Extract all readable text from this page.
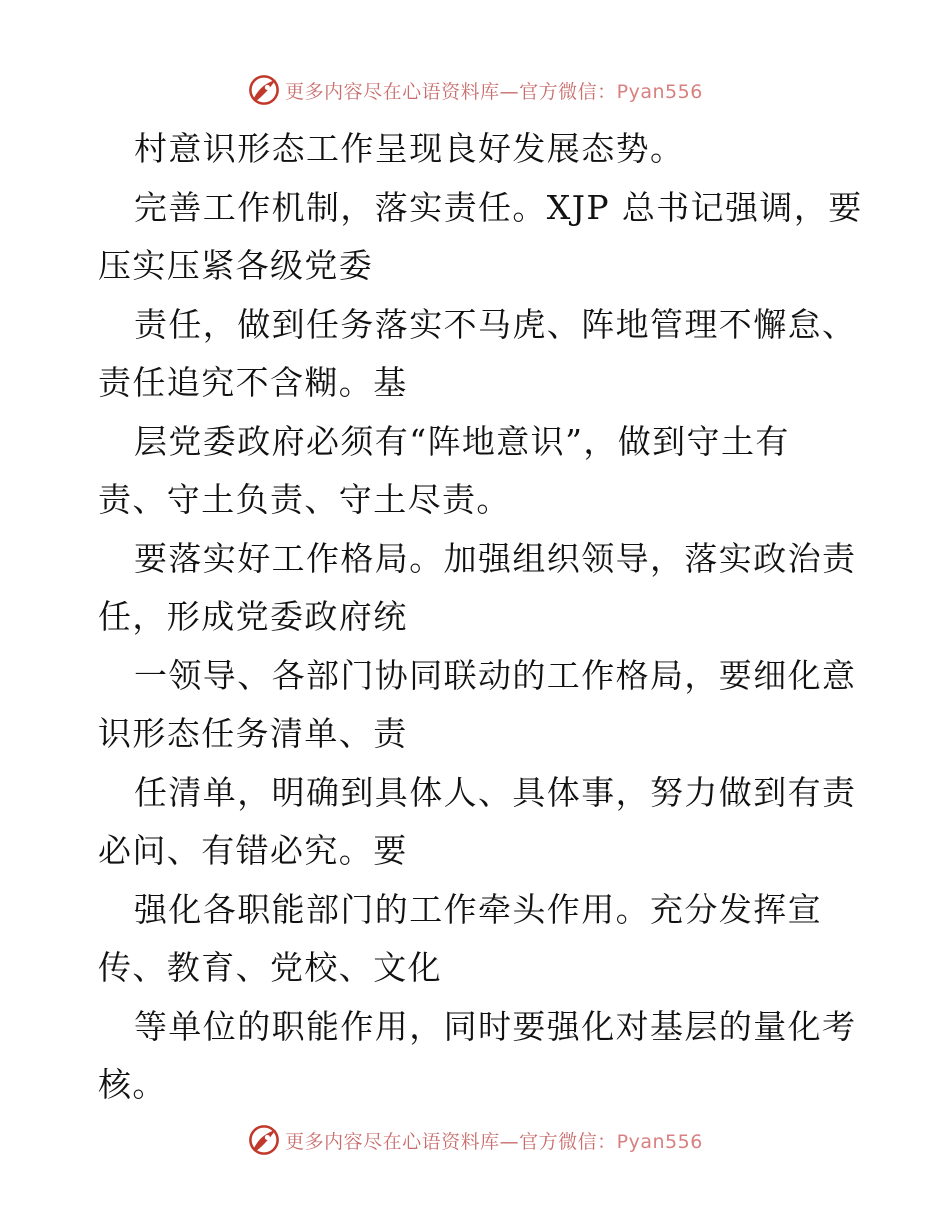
更多内容尽在心语资料库—官方微信：Pyan556
村意识形态工作呈现良好发展态势。
完善工作机制，落实责任。XJP 总书记强调，要
压实压紧各级党委
责任，做到任务落实不马虎、阵地管理不懈怠、
责任追究不含糊。基
层党委政府必须有“阵地意识”，做到守土有
责、守土负责、守土尽责。
要落实好工作格局。加强组织领导，落实政治责
任，形成党委政府统
一领导、各部门协同联动的工作格局，要细化意
识形态任务清单、责
任清单，明确到具体人、具体事，努力做到有责
必问、有错必究。要
强化各职能部门的工作牵头作用。充分发挥宣
传、教育、党校、文化
等单位的职能作用，同时要强化对基层的量化考
核。
更多内容尽在心语资料库—官方微信：Pyan556
